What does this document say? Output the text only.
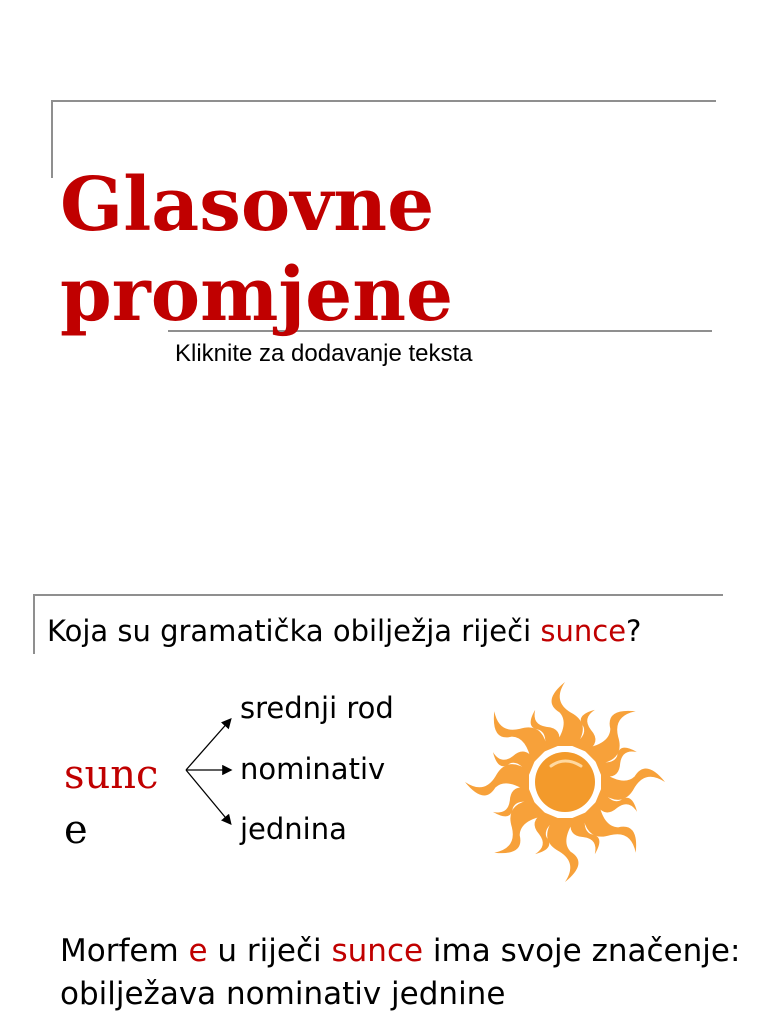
Glasovne
promjene
Kliknite za dodavanje teksta

Koja su gramatička obilježja riječi sunce?

sunc
e
srednji rod
nominativ
jednina

Morfem e u riječi sunce ima svoje značenje: obilježava nominativ jednine
